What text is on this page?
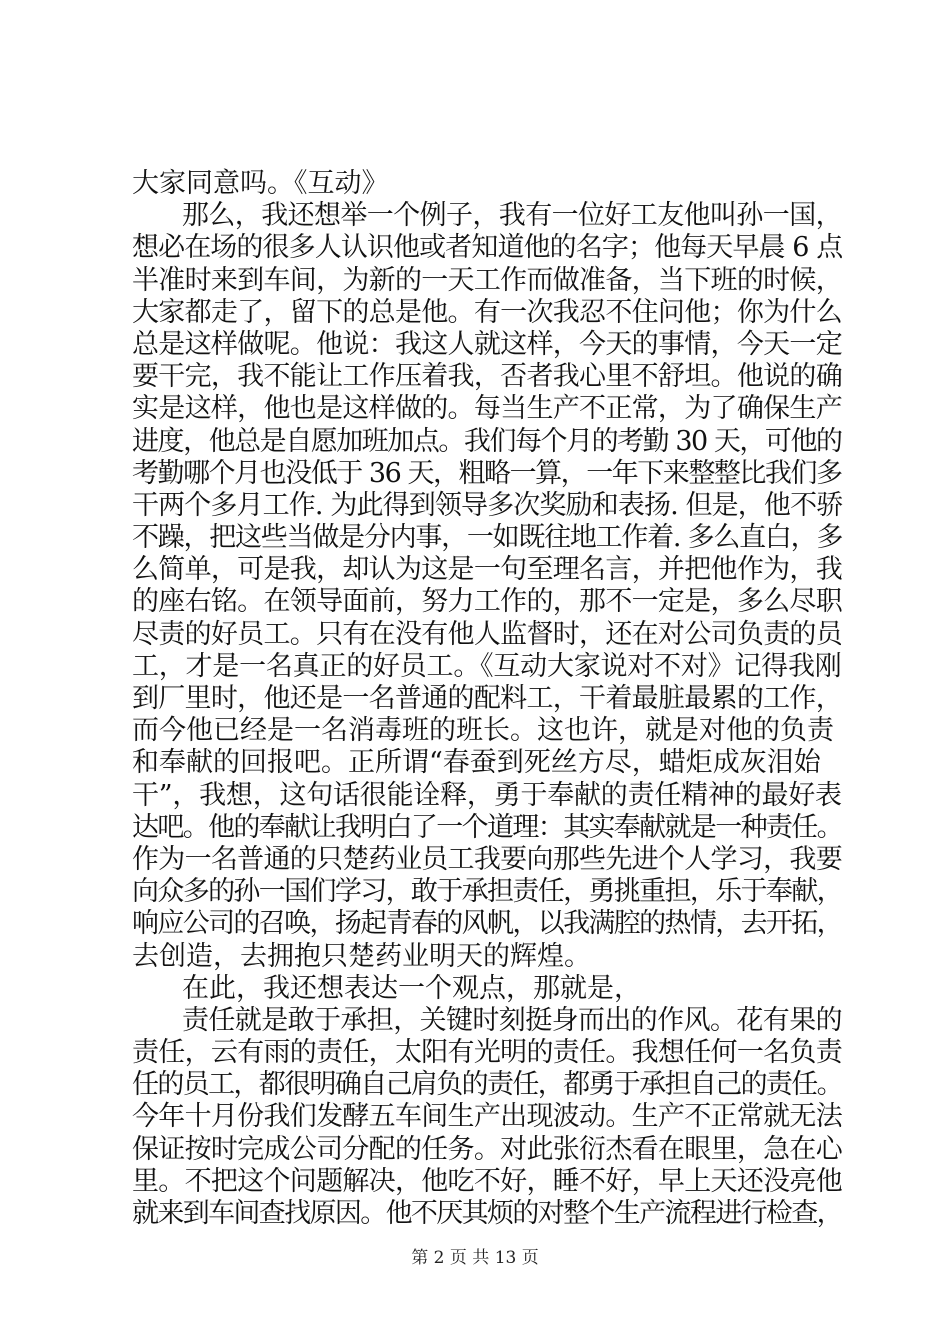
大家同意吗。《互动》
那么，我还想举一个例子，我有一位好工友他叫孙一国，
想必在场的很多人认识他或者知道他的名字；他每天早晨 6 点
半准时来到车间，为新的一天工作而做准备，当下班的时候，
大家都走了，留下的总是他。有一次我忍不住问他；你为什么
总是这样做呢。他说：我这人就这样，今天的事情，今天一定
要干完，我不能让工作压着我，否者我心里不舒坦。他说的确
实是这样，他也是这样做的。每当生产不正常，为了确保生产
进度，他总是自愿加班加点。我们每个月的考勤 30 天，可他的
考勤哪个月也没低于 36 天，粗略一算，一年下来整整比我们多
干两个多月工作. 为此得到领导多次奖励和表扬. 但是，他不骄
不躁，把这些当做是分内事，一如既往地工作着. 多么直白，多
么简单，可是我，却认为这是一句至理名言，并把他作为，我
的座右铭。在领导面前，努力工作的，那不一定是，多么尽职
尽责的好员工。只有在没有他人监督时，还在对公司负责的员
工，才是一名真正的好员工。《互动大家说对不对》记得我刚
到厂里时，他还是一名普通的配料工，干着最脏最累的工作，
而今他已经是一名消毒班的班长。这也许，就是对他的负责
和奉献的回报吧。正所谓“春蚕到死丝方尽，蜡炬成灰泪始
干”，我想，这句话很能诠释，勇于奉献的责任精神的最好表
达吧。他的奉献让我明白了一个道理：其实奉献就是一种责任。
作为一名普通的只楚药业员工我要向那些先进个人学习，我要
向众多的孙一国们学习，敢于承担责任，勇挑重担，乐于奉献，
响应公司的召唤，扬起青春的风帆，以我满腔的热情，去开拓，
去创造，去拥抱只楚药业明天的辉煌。
在此，我还想表达一个观点，那就是，
责任就是敢于承担，关键时刻挺身而出的作风。花有果的
责任，云有雨的责任，太阳有光明的责任。我想任何一名负责
任的员工，都很明确自己肩负的责任，都勇于承担自己的责任。
今年十月份我们发酵五车间生产出现波动。生产不正常就无法
保证按时完成公司分配的任务。对此张衍杰看在眼里，急在心
里。不把这个问题解决，他吃不好，睡不好，早上天还没亮他
就来到车间查找原因。他不厌其烦的对整个生产流程进行检查，
第 2 页 共 13 页
